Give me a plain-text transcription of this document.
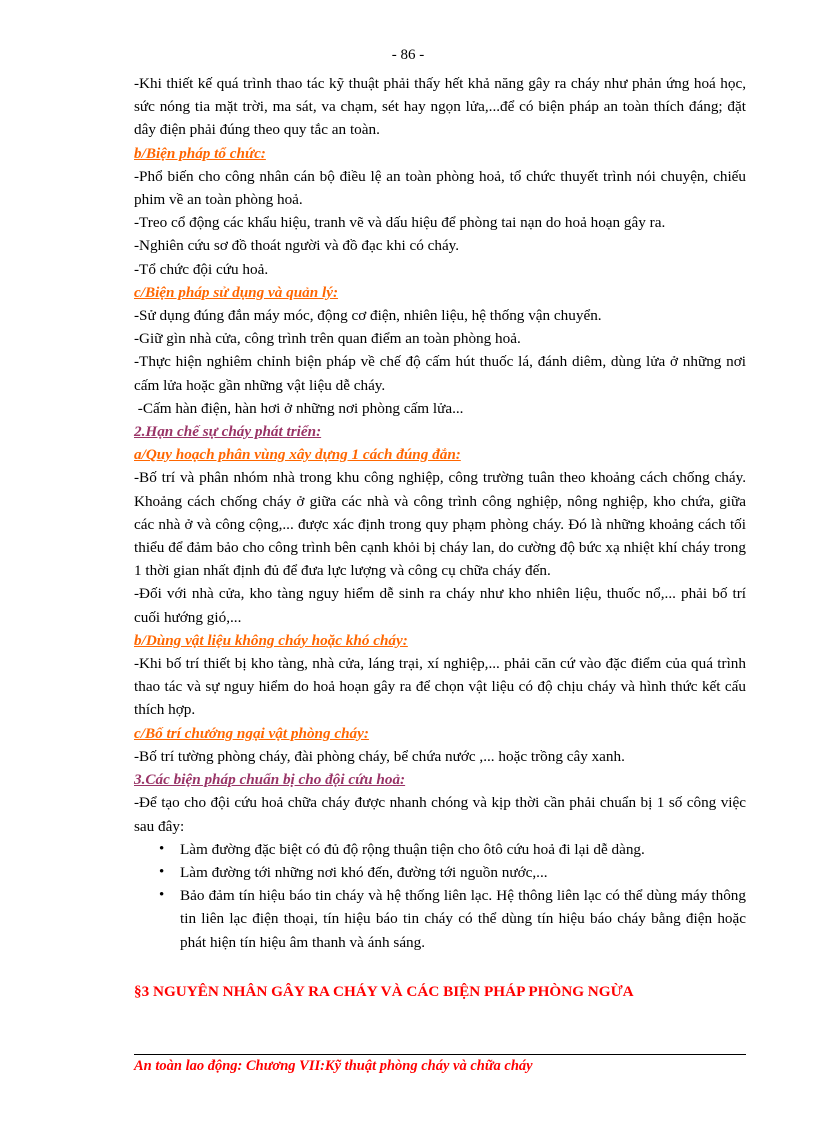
- 86 -

-Khi thiết kế quá trình thao tác kỹ thuật phải thấy hết khả năng gây ra cháy như phản ứng hoá học, sức nóng tia mặt trời, ma sát, va chạm, sét hay ngọn lửa,...để có biện pháp an toàn thích đáng; đặt dây điện phải đúng theo quy tắc an toàn.

b/Biện pháp tổ chức:

-Phổ biến cho công nhân cán bộ điều lệ an toàn phòng hoả, tổ chức thuyết trình nói chuyện, chiếu phim về an toàn phòng hoả.

-Treo cổ động các khẩu hiệu, tranh vẽ và dấu hiệu để phòng tai nạn do hoả hoạn gây ra.

-Nghiên cứu sơ đồ thoát người và đồ đạc khi có cháy.

-Tổ chức đội cứu hoả.

c/Biện pháp sử dụng và quản lý:

-Sử dụng đúng đắn máy móc, động cơ điện, nhiên liệu, hệ thống vận chuyển.

-Giữ gìn nhà cửa, công trình trên quan điểm an toàn phòng hoả.

-Thực hiện nghiêm chỉnh biện pháp về chế độ cấm hút thuốc lá, đánh diêm, dùng lửa ở những nơi cấm lửa hoặc gần những vật liệu dễ cháy.

-Cấm hàn điện, hàn hơi ở những nơi phòng cấm lửa...

2.Hạn chế sự cháy phát triển:

a/Quy hoạch phân vùng xây dựng 1 cách đúng đắn:

-Bố trí và phân nhóm nhà trong khu công nghiệp, công trường tuân theo khoảng cách chống cháy. Khoảng cách chống cháy ở giữa các nhà và công trình công nghiệp, nông nghiệp, kho chứa, giữa các nhà ở và công cộng,... được xác định trong quy phạm phòng cháy. Đó là những khoảng cách tối thiểu để đảm bảo cho công trình bên cạnh khỏi bị cháy lan, do cường độ bức xạ nhiệt khí cháy trong 1 thời gian nhất định đủ để đưa lực lượng và công cụ chữa cháy đến.

-Đối với nhà cửa, kho tàng nguy hiểm dễ sinh ra cháy như kho nhiên liệu, thuốc nổ,... phải bố trí cuối hướng gió,...

b/Dùng vật liệu không cháy hoặc khó cháy:

-Khi bố trí thiết bị kho tàng, nhà cửa, láng trại, xí nghiệp,... phải căn cứ vào đặc điểm của quá trình thao tác và sự nguy hiểm do hoả hoạn gây ra để chọn vật liệu có độ chịu cháy và hình thức kết cấu thích hợp.

c/Bố trí chướng ngại vật phòng cháy:

-Bố trí tường phòng cháy, đài phòng cháy, bể chứa nước ,... hoặc trồng cây xanh.

3.Các biện pháp chuẩn bị cho đội cứu hoả:

-Để tạo cho đội cứu hoả chữa cháy được nhanh chóng và kịp thời cần phải chuẩn bị 1 số công việc sau đây:

• Làm đường đặc biệt có đủ độ rộng thuận tiện cho ôtô cứu hoả đi lại dễ dàng.
• Làm đường tới những nơi khó đến, đường tới nguồn nước,...
• Bảo đảm tín hiệu báo tin cháy và hệ thống liên lạc. Hệ thông liên lạc có thể dùng máy thông tin liên lạc điện thoại, tín hiệu báo tin cháy có thể dùng tín hiệu báo cháy bằng điện hoặc phát hiện tín hiệu âm thanh và ánh sáng.

§3 NGUYÊN NHÂN GÂY RA CHÁY VÀ CÁC BIỆN PHÁP PHÒNG NGỪA

An toàn lao động: Chương VII:Kỹ thuật phòng cháy và chữa cháy
